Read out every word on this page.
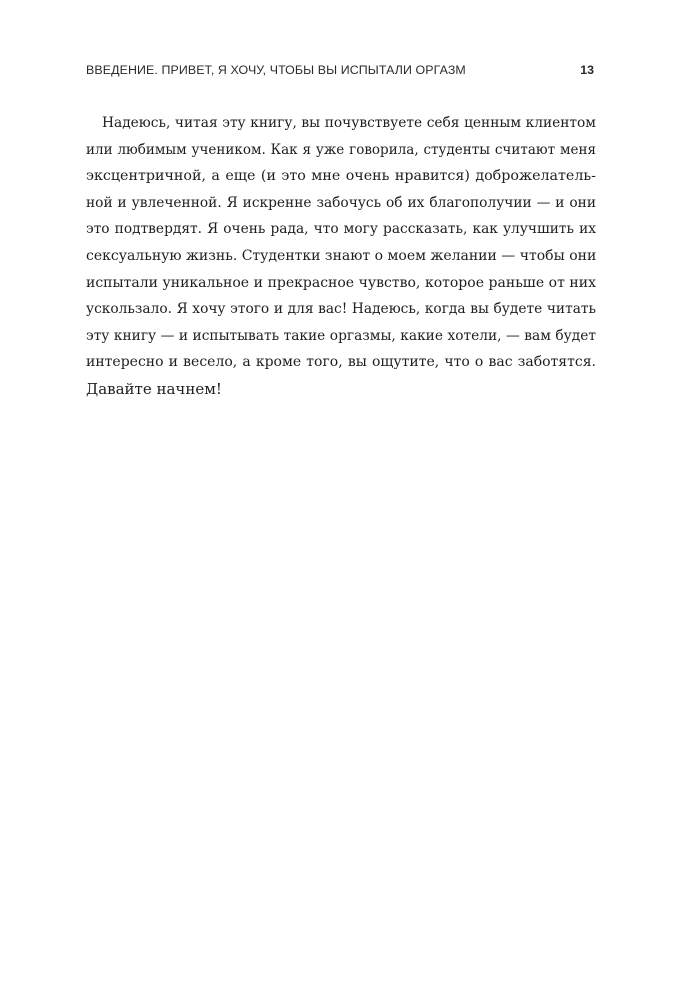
ВВЕДЕНИЕ. ПРИВЕТ, Я ХОЧУ, ЧТОБЫ ВЫ ИСПЫТАЛИ ОРГАЗМ	13
Надеюсь, читая эту книгу, вы почувствуете себя ценным клиентом
или любимым учеником. Как я уже говорила, студенты считают меня
эксцентричной, а еще (и это мне очень нравится) доброжелатель-
ной и увлеченной. Я искренне забочусь об их благополучии — и они
это подтвердят. Я очень рада, что могу рассказать, как улучшить их
сексуальную жизнь. Студентки знают о моем желании — чтобы они
испытали уникальное и прекрасное чувство, которое раньше от них
ускользало. Я хочу этого и для вас! Надеюсь, когда вы будете читать
эту книгу — и испытывать такие оргазмы, какие хотели, — вам будет
интересно и весело, а кроме того, вы ощутите, что о вас заботятся.
Давайте начнем!
